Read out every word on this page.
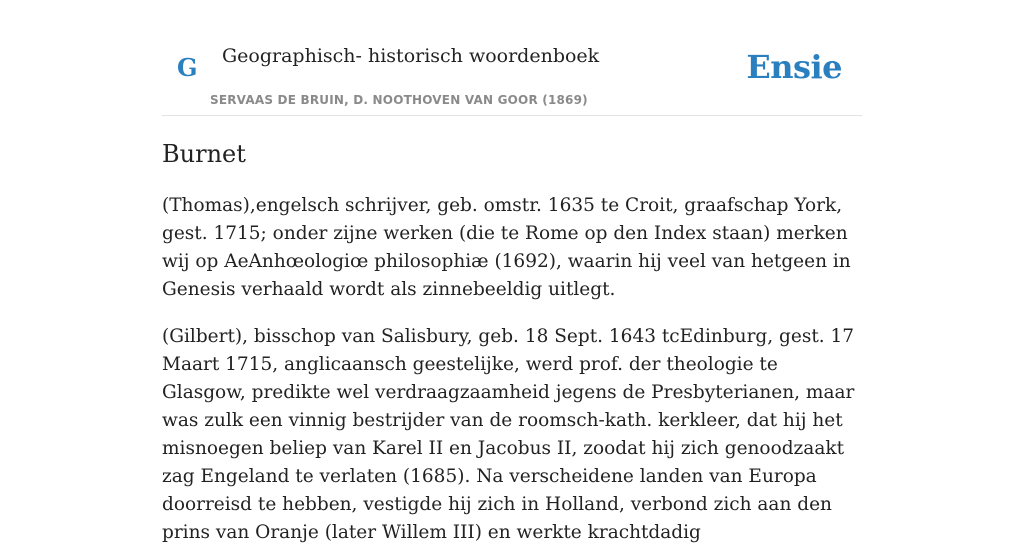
G Geographisch- historisch woordenboek
SERVAAS DE BRUIN, D. NOOTHOVEN VAN GOOR (1869)
Ensie
Burnet

(Thomas),engelsch schrijver, geb. omstr. 1635 te Croit, graafschap York, gest. 1715; onder zijne werken (die te Rome op den Index staan) merken wij op AeAnhœologiœ philosophiæ (1692), waarin hij veel van hetgeen in Genesis verhaald wordt als zinnebeeldig uitlegt.

(Gilbert), bisschop van Salisbury, geb. 18 Sept. 1643 tcEdinburg, gest. 17 Maart 1715, anglicaansch geestelijke, werd prof. der theologie te Glasgow, predikte wel verdraagzaamheid jegens de Presbyterianen, maar was zulk een vinnig bestrijder van de roomsch-kath. kerkleer, dat hij het misnoegen beliep van Karel II en Jacobus II, zoodat hij zich genoodzaakt zag Engeland te verlaten (1685). Na verscheidene landen van Europa doorreisd te hebben, vestigde hij zich in Holland, verbond zich aan den prins van Oranje (later Willem III) en werkte krachtdadig
